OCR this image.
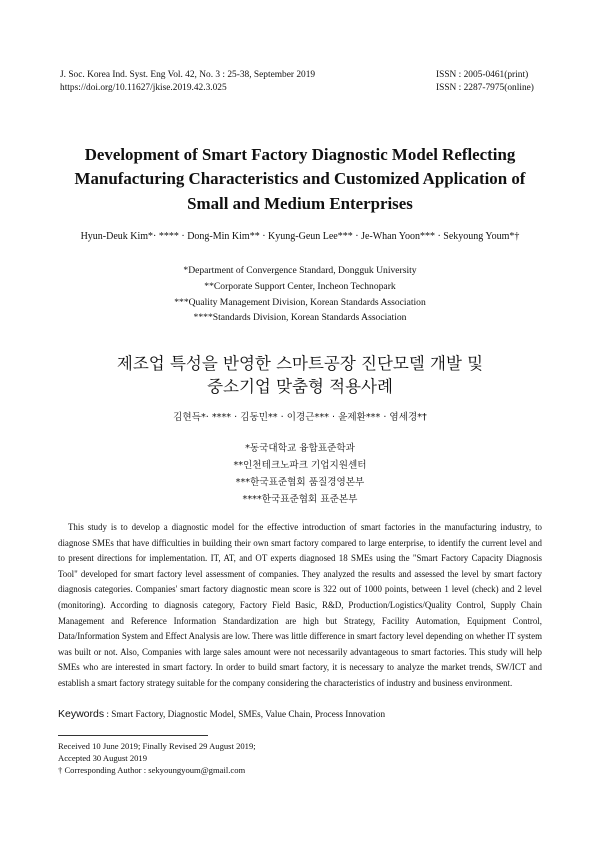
J. Soc. Korea Ind. Syst. Eng Vol. 42, No. 3 : 25-38, September 2019
https://doi.org/10.11627/jkise.2019.42.3.025
ISSN : 2005-0461(print)
ISSN : 2287-7975(online)
Development of Smart Factory Diagnostic Model Reflecting
Manufacturing Characteristics and Customized Application of
Small and Medium Enterprises
Hyun-Deuk Kim*· **** · Dong-Min Kim** · Kyung-Geun Lee*** · Je-Whan Yoon*** · Sekyoung Youm*†
*Department of Convergence Standard, Dongguk University
**Corporate Support Center, Incheon Technopark
***Quality Management Division, Korean Standards Association
****Standards Division, Korean Standards Association
제조업 특성을 반영한 스마트공장 진단모델 개발 및
중소기업 맞춤형 적용사례
김현득*· **** · 김동민** · 이경근*** · 윤제환*** · 염세경*†
*동국대학교 융합표준학과
**인천테크노파크 기업지원센터
***한국표준협회 품질경영본부
****한국표준협회 표준본부
This study is to develop a diagnostic model for the effective introduction of smart factories in the manufacturing industry, to diagnose SMEs that have difficulties in building their own smart factory compared to large enterprise, to identify the current level and to present directions for implementation. IT, AT, and OT experts diagnosed 18 SMEs using the "Smart Factory Capacity Diagnosis Tool" developed for smart factory level assessment of companies. They analyzed the results and assessed the level by smart factory diagnosis categories. Companies' smart factory diagnostic mean score is 322 out of 1000 points, between 1 level (check) and 2 level (monitoring). According to diagnosis category, Factory Field Basic, R&D, Production/Logistics/Quality Control, Supply Chain Management and Reference Information Standardization are high but Strategy, Facility Automation, Equipment Control, Data/Information System and Effect Analysis are low. There was little difference in smart factory level depending on whether IT system was built or not. Also, Companies with large sales amount were not necessarily advantageous to smart factories. This study will help SMEs who are interested in smart factory. In order to build smart factory, it is necessary to analyze the market trends, SW/ICT and establish a smart factory strategy suitable for the company considering the characteristics of industry and business environment.
Keywords : Smart Factory, Diagnostic Model, SMEs, Value Chain, Process Innovation
Received 10 June 2019; Finally Revised 29 August 2019;
Accepted 30 August 2019
† Corresponding Author : sekyoungyoum@gmail.com
